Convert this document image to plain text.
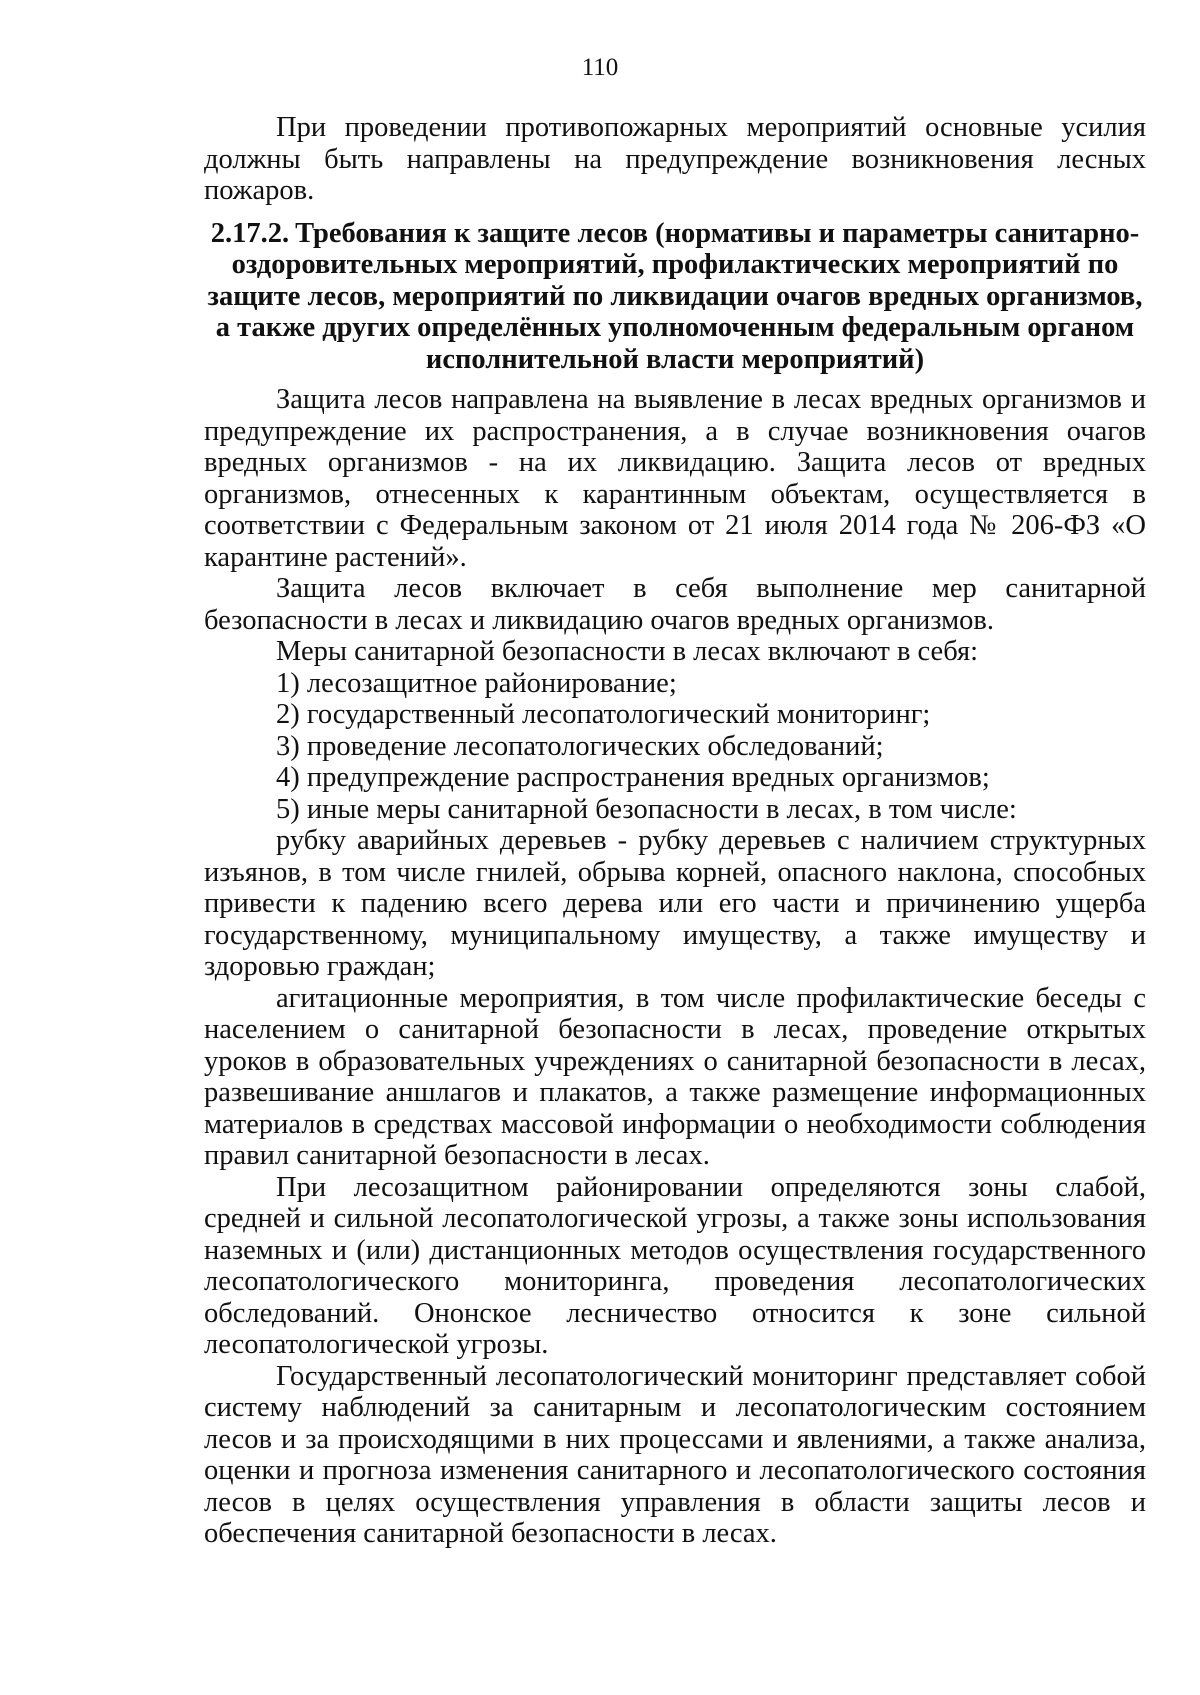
110

При проведении противопожарных мероприятий основные усилия должны быть направлены на предупреждение возникновения лесных пожаров.

2.17.2. Требования к защите лесов (нормативы и параметры санитарно-оздоровительных мероприятий, профилактических мероприятий по защите лесов, мероприятий по ликвидации очагов вредных организмов, а также других определённых уполномоченным федеральным органом исполнительной власти мероприятий)

Защита лесов направлена на выявление в лесах вредных организмов и предупреждение их распространения, а в случае возникновения очагов вредных организмов - на их ликвидацию. Защита лесов от вредных организмов, отнесенных к карантинным объектам, осуществляется в соответствии с Федеральным законом от 21 июля 2014 года № 206-ФЗ «О карантине растений».

Защита лесов включает в себя выполнение мер санитарной безопасности в лесах и ликвидацию очагов вредных организмов.

Меры санитарной безопасности в лесах включают в себя:

1) лесозащитное районирование;

2) государственный лесопатологический мониторинг;

3) проведение лесопатологических обследований;

4) предупреждение распространения вредных организмов;

5) иные меры санитарной безопасности в лесах, в том числе:

рубку аварийных деревьев - рубку деревьев с наличием структурных изъянов, в том числе гнилей, обрыва корней, опасного наклона, способных привести к падению всего дерева или его части и причинению ущерба государственному, муниципальному имуществу, а также имуществу и здоровью граждан;

агитационные мероприятия, в том числе профилактические беседы с населением о санитарной безопасности в лесах, проведение открытых уроков в образовательных учреждениях о санитарной безопасности в лесах, развешивание аншлагов и плакатов, а также размещение информационных материалов в средствах массовой информации о необходимости соблюдения правил санитарной безопасности в лесах.

При лесозащитном районировании определяются зоны слабой, средней и сильной лесопатологической угрозы, а также зоны использования наземных и (или) дистанционных методов осуществления государственного лесопатологического мониторинга, проведения лесопатологических обследований. Ононское лесничество относится к зоне сильной лесопатологической угрозы.

Государственный лесопатологический мониторинг представляет собой систему наблюдений за санитарным и лесопатологическим состоянием лесов и за происходящими в них процессами и явлениями, а также анализа, оценки и прогноза изменения санитарного и лесопатологического состояния лесов в целях осуществления управления в области защиты лесов и обеспечения санитарной безопасности в лесах.
